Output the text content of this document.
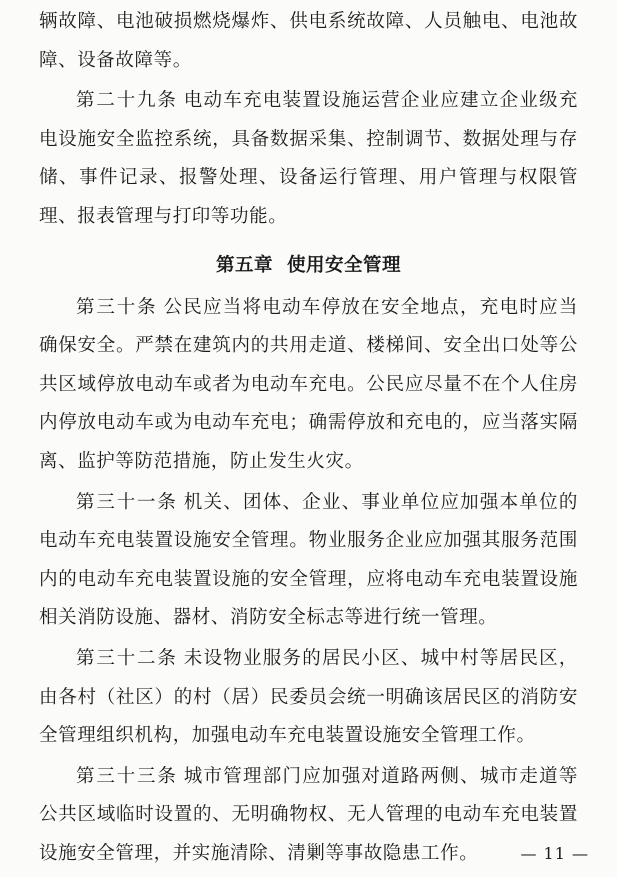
辆故障、电池破损燃烧爆炸、供电系统故障、人员触电、电池故障、设备故障等。

第二十九条 电动车充电装置设施运营企业应建立企业级充电设施安全监控系统，具备数据采集、控制调节、数据处理与存储、事件记录、报警处理、设备运行管理、用户管理与权限管理、报表管理与打印等功能。

第五章 使用安全管理

第三十条 公民应当将电动车停放在安全地点，充电时应当确保安全。严禁在建筑内的共用走道、楼梯间、安全出口处等公共区域停放电动车或者为电动车充电。公民应尽量不在个人住房内停放电动车或为电动车充电；确需停放和充电的，应当落实隔离、监护等防范措施，防止发生火灾。

第三十一条 机关、团体、企业、事业单位应加强本单位的电动车充电装置设施安全管理。物业服务企业应加强其服务范围内的电动车充电装置设施的安全管理，应将电动车充电装置设施相关消防设施、器材、消防安全标志等进行统一管理。

第三十二条 未设物业服务的居民小区、城中村等居民区，由各村（社区）的村（居）民委员会统一明确该居民区的消防安全管理组织机构，加强电动车充电装置设施安全管理工作。

第三十三条 城市管理部门应加强对道路两侧、城市走道等公共区域临时设置的、无明确物权、无人管理的电动车充电装置设施安全管理，并实施清除、清剿等事故隐患工作。	— 11 —
